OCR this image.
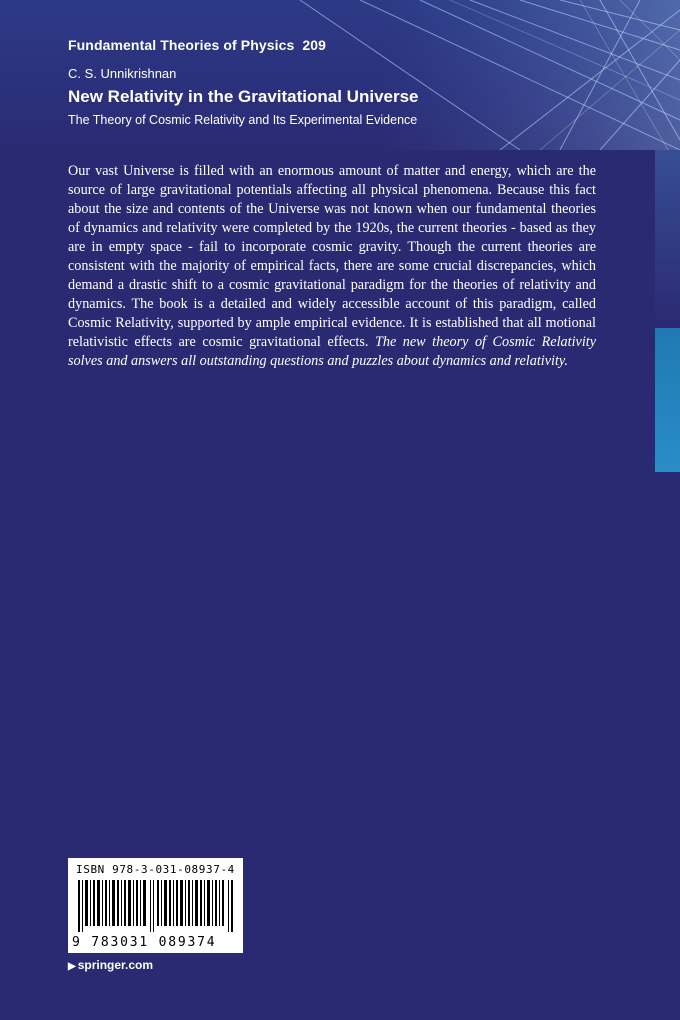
Fundamental Theories of Physics 209
C. S. Unnikrishnan
New Relativity in the Gravitational Universe
The Theory of Cosmic Relativity and Its Experimental Evidence
Our vast Universe is filled with an enormous amount of matter and energy, which are the source of large gravitational potentials affecting all physical phenomena. Because this fact about the size and contents of the Universe was not known when our fundamental theories of dynamics and relativity were completed by the 1920s, the current theories - based as they are in empty space - fail to incorporate cosmic gravity. Though the current theories are consistent with the majority of empirical facts, there are some crucial discrepancies, which demand a drastic shift to a cosmic gravitational paradigm for the theories of relativity and dynamics. The book is a detailed and widely accessible account of this paradigm, called Cosmic Relativity, supported by ample empirical evidence. It is established that all motional relativistic effects are cosmic gravitational effects. The new theory of Cosmic Relativity solves and answers all outstanding questions and puzzles about dynamics and relativity.
ISBN 978-3-031-08937-4
9 783031 089374
▶ springer.com
